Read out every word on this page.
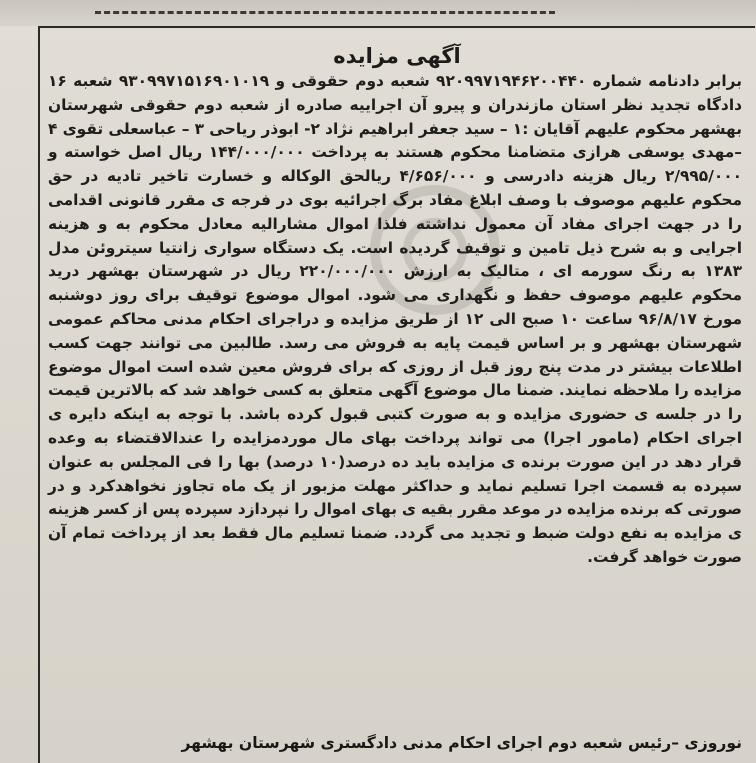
آگهی مزایده
برابر دادنامه شماره ۹۲۰۹۹۷۱۹۴۶۲۰۰۴۴۰ شعبه دوم حقوقی و ۹۳۰۹۹۷۱۵۱۶۹۰۱۰۱۹ شعبه ۱۶ دادگاه تجدید نظر استان مازندران و پیرو آن اجراییه صادره از شعبه دوم حقوقی شهرستان بهشهر محکوم علیهم آقایان :۱ – سید جعفر ابراهیم نژاد ۲- ابوذر ریاحی ۳ – عباسعلی تقوی ۴ –مهدی یوسفی هرازی متضامنا محکوم هستند به پرداخت ۱۴۴/۰۰۰/۰۰۰ ریال اصل خواسته و ۲/۹۹۵/۰۰۰ ریال هزینه دادرسی و ۴/۶۵۶/۰۰۰ ریالحق الوکاله و خسارت تاخیر تادیه در حق محکوم علیهم موصوف با وصف ابلاغ مفاد برگ اجرائیه بوی در فرجه ی مقرر قانونی اقدامی را در جهت اجرای مفاد آن معمول نداشته فلذا اموال مشارالیه معادل محکوم به و هزینه اجرایی و به شرح ذیل تامین و توقیف گردیده است. یک دستگاه سواری زانتیا سیتروئن مدل ۱۳۸۳ به رنگ سورمه ای ، متالیک به ارزش ۲۲۰/۰۰۰/۰۰۰ ریال در شهرستان بهشهر درید محکوم علیهم موصوف حفظ و نگهداری می شود. اموال موضوع توقیف برای روز دوشنبه مورخ ۹۶/۸/۱۷ ساعت ۱۰ صبح الی ۱۲ از طریق مزایده و دراجرای احکام مدنی محاکم عمومی شهرستان بهشهر و بر اساس قیمت پایه به فروش می رسد. طالبین می توانند جهت کسب اطلاعات بیشتر در مدت پنج روز قبل از روزی که برای فروش معین شده است اموال موضوع مزایده را ملاحظه نمایند. ضمنا مال موضوع آگهی متعلق به کسی خواهد شد که بالاترین قیمت را در جلسه ی حضوری مزایده و به صورت کتبی قبول کرده باشد. با توجه به اینکه دایره ی اجرای احکام (مامور اجرا) می تواند پرداخت بهای مال موردمزایده را عندالاقتضاء به وعده قرار دهد در این صورت برنده ی مزایده باید ده درصد(۱۰ درصد) بها را فی المجلس به عنوان سپرده به قسمت اجرا تسلیم نماید و حداکثر مهلت مزبور از یک ماه تجاوز نخواهدکرد و در صورتی که برنده مزایده در موعد مقرر بقیه ی بهای اموال را نپردازد سپرده پس از کسر هزینه ی مزایده به نفع دولت ضبط و تجدید می گردد. ضمنا تسلیم مال فقط بعد از پرداخت تمام آن صورت خواهد گرفت.
نوروزی –رئیس شعبه دوم اجرای احکام مدنی دادگستری شهرستان بهشهر
